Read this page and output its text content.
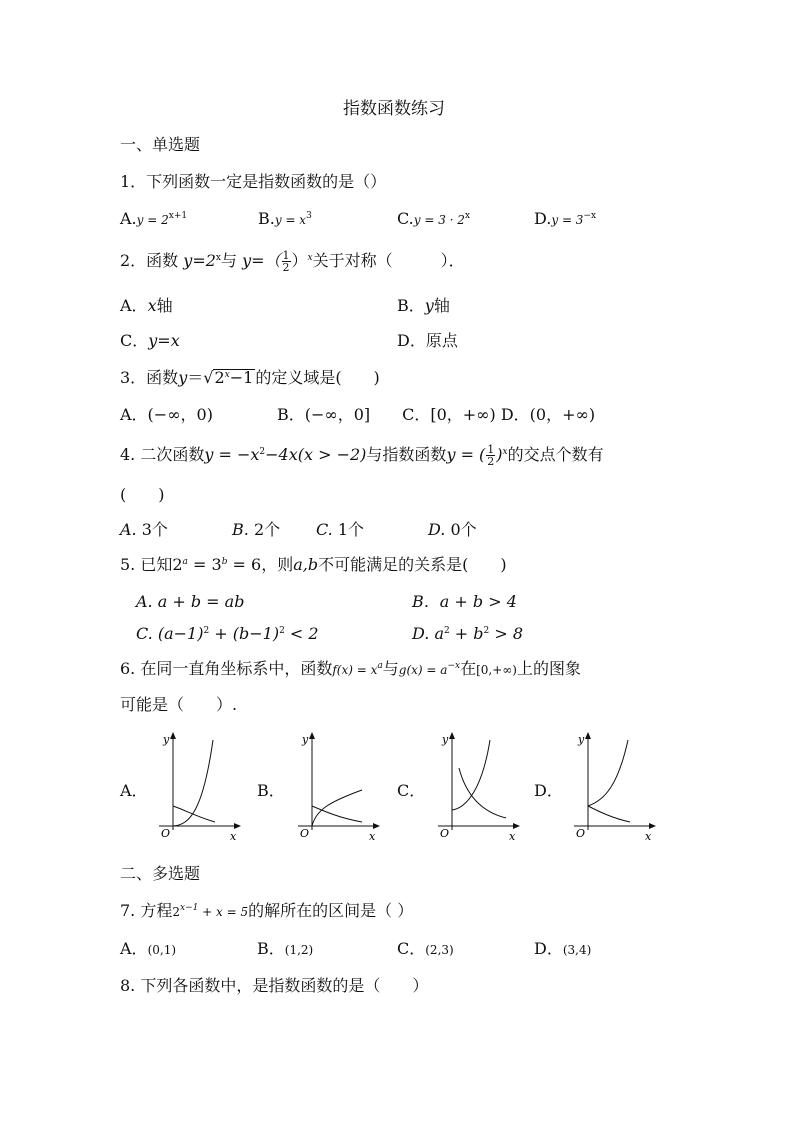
指数函数练习
一、单选题
1．下列函数一定是指数函数的是（）
$A.y = 2^{x+1}$	$B.y = x^3$	$C.y = 3 \cdot 2^x$	$D.y = 3^{-x}$
2．函数 $y=2^x$与 $y=( \frac{1}{2} )^x$关于对称（　　　）．
A．x轴	B．y轴
C．y=x	D．原点
3．函数$y=√2^x-1$ 的定义域是(　　)
A．(−∞，0)　　　　B．(−∞，0]　　C．[0，+∞) D．(0，+∞)
4. 二次函数$y = -x^2-4x(x > -2)$与指数函数y = ( $\frac{1}{2} )^x$的交点个数有
(　　)
A. 3个	B. 2个 C. 1个	D. 0个
5. 已知$2^a = 3^b = 6$，则a,b不可能满足的关系是(　　)
A. a + b = ab	B．a + b > 4
C. $(a-1)^2 + (b-1)^2 < 2$	D. $a^2 + b^2 > 8$
6. 在同一直角坐标系中，函数$f(x) = x^a$与$g(x) = a^{-x}$在[0,+∞)上的图象
可能是（　　）.
A．	B．	C．	D．
y
x
O
y
x
O
y
x
O
y
x
O
二、多选题
7. 方程$2^{x-1} + x = 5$的解所在的区间是（ ）
A．(0,1)	B．(1,2)	C．(2,3)	D．(3,4)
8. 下列各函数中，是指数函数的是（　　）
